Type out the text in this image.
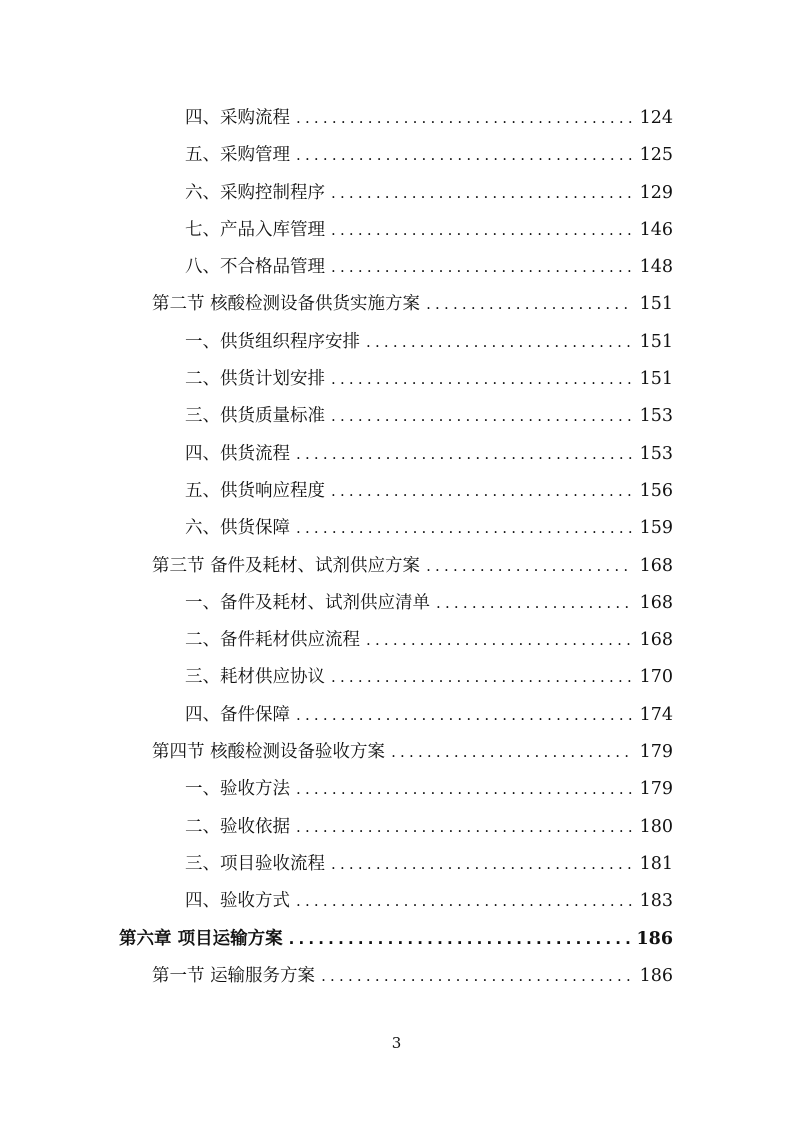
四、采购流程 .....	124
五、采购管理 .....	125
六、采购控制程序 .....	129
七、产品入库管理 .....	146
八、不合格品管理 .....	148
第二节 核酸检测设备供货实施方案 .....	151
一、供货组织程序安排 .....	151
二、供货计划安排 .....	151
三、供货质量标准 .....	153
四、供货流程 .....	153
五、供货响应程度 .....	156
六、供货保障 .....	159
第三节 备件及耗材、试剂供应方案 .....	168
一、备件及耗材、试剂供应清单 .....	168
二、备件耗材供应流程 .....	168
三、耗材供应协议 .....	170
四、备件保障 .....	174
第四节 核酸检测设备验收方案 .....	179
一、验收方法 .....	179
二、验收依据 .....	180
三、项目验收流程 .....	181
四、验收方式 .....	183
第六章 项目运输方案 .....	186
第一节 运输服务方案 .....	186
3
